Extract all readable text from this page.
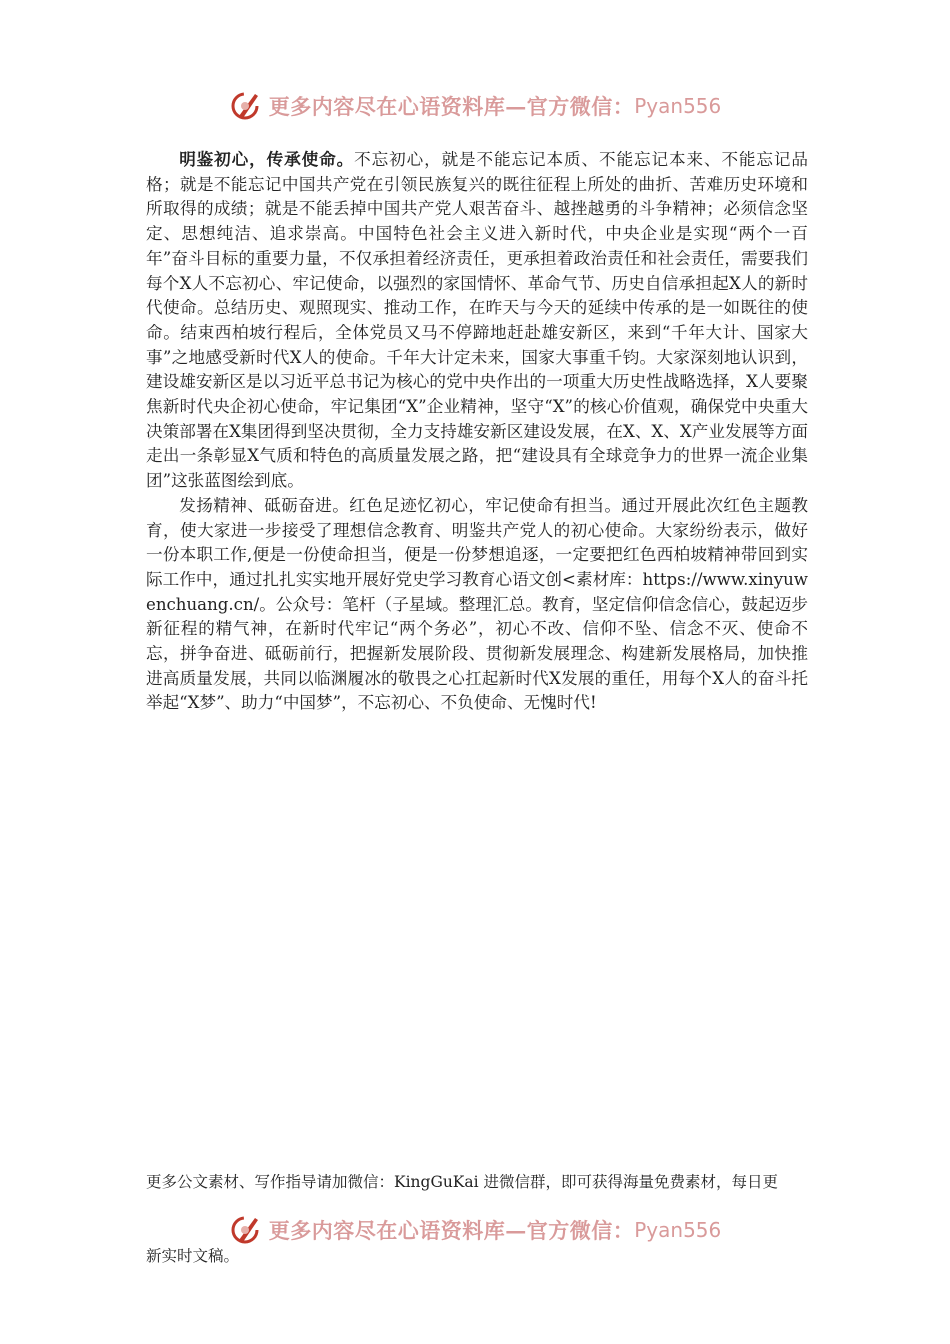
更多内容尽在心语资料库—官方微信： Pyan556

明鉴初心，传承使命。不忘初心，就是不能忘记本质、不能忘记本来、不能忘记品格；就是不能忘记中国共产党在引领民族复兴的既往征程上所处的曲折、苦难历史环境和所取得的成绩；就是不能丢掉中国共产党人艰苦奋斗、越挫越勇的斗争精神；必须信念坚定、思想纯洁、追求崇高。中国特色社会主义进入新时代，中央企业是实现“两个一百年”奋斗目标的重要力量，不仅承担着经济责任，更承担着政治责任和社会责任，需要我们每个X人不忘初心、牢记使命，以强烈的家国情怀、革命气节、历史自信承担起X人的新时代使命。总结历史、观照现实、推动工作，在昨天与今天的延续中传承的是一如既往的使命。结束西柏坡行程后，全体党员又马不停蹄地赶赴雄安新区，来到“千年大计、国家大事”之地感受新时代X人的使命。千年大计定未来，国家大事重千钧。大家深刻地认识到，建设雄安新区是以习近平总书记为核心的党中央作出的一项重大历史性战略选择，X人要聚焦新时代央企初心使命，牢记集团“X”企业精神，坚守“X”的核心价值观，确保党中央重大决策部署在X集团得到坚决贯彻，全力支持雄安新区建设发展，在X、X、X产业发展等方面走出一条彰显X气质和特色的高质量发展之路，把“建设具有全球竞争力的世界一流企业集团”这张蓝图绘到底。

发扬精神、砥砺奋进。红色足迹忆初心，牢记使命有担当。通过开展此次红色主题教育，使大家进一步接受了理想信念教育、明鉴共产党人的初心使命。大家纷纷表示，做好一份本职工作,便是一份使命担当，便是一份梦想追逐，一定要把红色西柏坡精神带回到实际工作中，通过扎扎实实地开展好党史学习教育心语文创<素材库：https://www.xinyuwenchuang.cn/。公众号：笔杆（子星域。整理汇总。教育，坚定信仰信念信心，鼓起迈步新征程的精气神，在新时代牢记“两个务必”，初心不改、信仰不坠、信念不灭、使命不忘，拼争奋进、砥砺前行，把握新发展阶段、贯彻新发展理念、构建新发展格局，加快推进高质量发展，共同以临渊履冰的敬畏之心扛起新时代X发展的重任，用每个X人的奋斗托举起“X梦”、助力“中国梦”，不忘初心、不负使命、无愧时代!

更多公文素材、写作指导请加微信：KingGuKai 进微信群，即可获得海量免费素材，每日更
更多内容尽在心语资料库—官方微信： Pyan556
新实时文稿。
